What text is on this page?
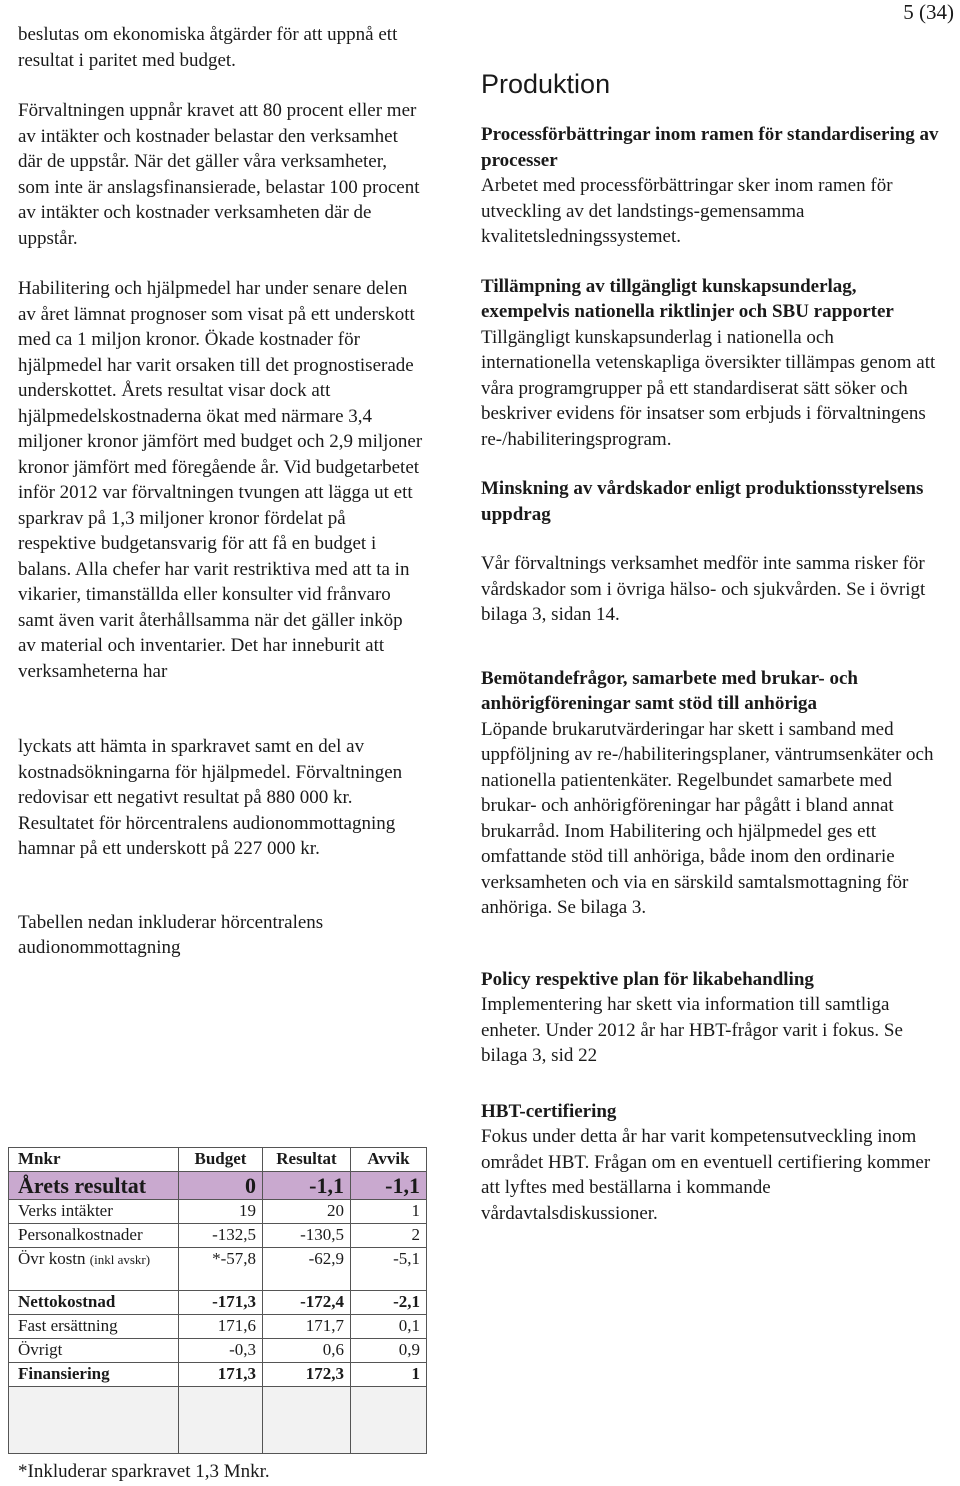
5 (34)

beslutas om ekonomiska åtgärder för att uppnå ett resultat i paritet med budget.

Förvaltningen uppnår kravet att 80 procent eller mer av intäkter och kostnader belastar den verksamhet där de uppstår. När det gäller våra verksamheter, som inte är anslagsfinansierade, belastar 100 procent av intäkter och kostnader verksamheten där de uppstår.

Habilitering och hjälpmedel har under senare delen av året lämnat prognoser som visat på ett underskott med ca 1 miljon kronor. Ökade kostnader för hjälpmedel har varit orsaken till det prognostiserade underskottet. Årets resultat visar dock att hjälpmedelskostnaderna ökat med närmare 3,4 miljoner kronor jämfört med budget och 2,9 miljoner kronor jämfört med föregående år. Vid budgetarbetet inför 2012 var förvaltningen tvungen att lägga ut ett sparkrav på 1,3 miljoner kronor fördelat på respektive budgetansvarig för att få en budget i balans. Alla chefer har varit restriktiva med att ta in vikarier, timanställda eller konsulter vid frånvaro samt även varit återhållsamma när det gäller inköp av material och inventarier. Det har inneburit att verksamheterna har

lyckats att hämta in sparkravet samt en del av kostnadsökningarna för hjälpmedel. Förvaltningen redovisar ett negativt resultat på 880 000 kr. Resultatet för hörcentralens audionommottagning hamnar på ett underskott på 227 000 kr.

Tabellen nedan inkluderar hörcentralens audionommottagning

Mnkr	Budget	Resultat	Avvik
Årets resultat	0	-1,1	-1,1
Verks intäkter	19	20	1
Personalkostnader	-132,5	-130,5	2
Övr kostn (inkl avskr)	*-57,8	-62,9	-5,1
Nettokostnad	-171,3	-172,4	-2,1
Fast ersättning	171,6	171,7	0,1
Övrigt	-0,3	0,6	0,9
Finansiering	171,3	172,3	1

*Inkluderar sparkravet 1,3 Mnkr.
Produktion

Processförbättringar inom ramen för standardisering av processer

Arbetet med processförbättringar sker inom ramen för utveckling av det landstings-gemensamma kvalitetsledningssystemet.

Tillämpning av tillgängligt kunskapsunderlag, exempelvis nationella riktlinjer och SBU rapporter

Tillgängligt kunskapsunderlag i nationella och internationella vetenskapliga översikter tillämpas genom att våra programgrupper på ett standardiserat sätt söker och beskriver evidens för insatser som erbjuds i förvaltningens re-/habiliteringsprogram.

Minskning av vårdskador enligt produktionsstyrelsens uppdrag

Vår förvaltnings verksamhet medför inte samma risker för vårdskador som i övriga hälso- och sjukvården. Se i övrigt bilaga 3, sidan 14.

Bemötandefrågor, samarbete med brukar- och anhörigföreningar samt stöd till anhöriga

Löpande brukarutvärderingar har skett i samband med uppföljning av re-/habiliteringsplaner, väntrumsenkäter och nationella patientenkäter. Regelbundet samarbete med brukar- och anhörigföreningar har pågått i bland annat brukarråd. Inom Habilitering och hjälpmedel ges ett omfattande stöd till anhöriga, både inom den ordinarie verksamheten och via en särskild samtalsmottagning för anhöriga. Se bilaga 3.

Policy respektive plan för likabehandling

Implementering har skett via information till samtliga enheter. Under 2012 år har HBT-frågor varit i fokus. Se bilaga 3, sid 22

HBT-certifiering

Fokus under detta år har varit kompetensutveckling inom området HBT. Frågan om en eventuell certifiering kommer att lyftes med beställarna i kommande vårdavtalsdiskussioner.
